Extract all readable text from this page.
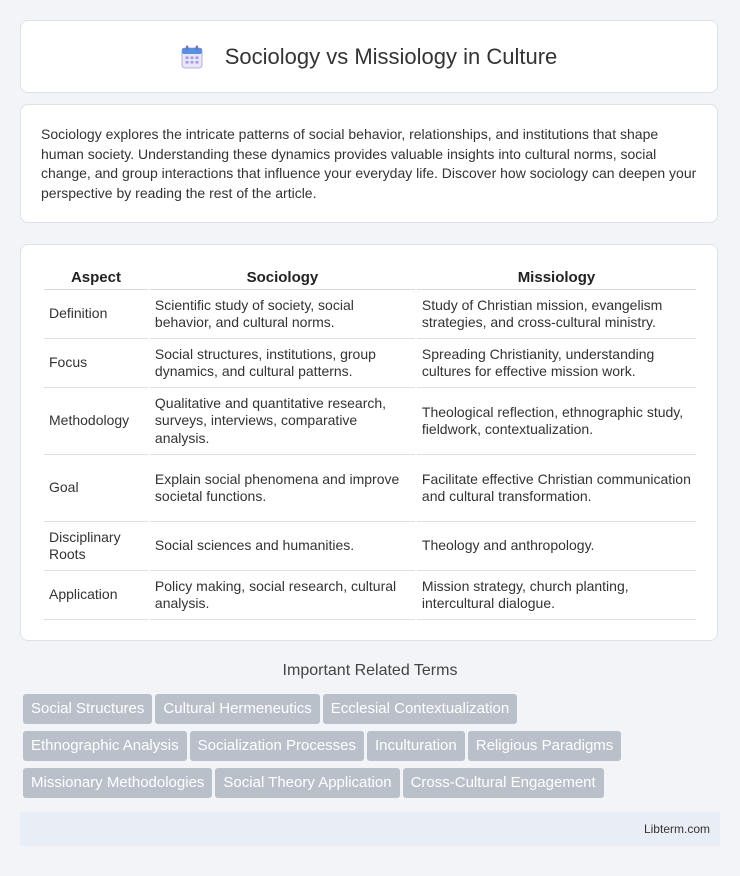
Sociology vs Missiology in Culture

Sociology explores the intricate patterns of social behavior, relationships, and institutions that shape human society. Understanding these dynamics provides valuable insights into cultural norms, social change, and group interactions that influence your everyday life. Discover how sociology can deepen your perspective by reading the rest of the article.

Aspect	Sociology	Missiology
Definition	Scientific study of society, social behavior, and cultural norms.	Study of Christian mission, evangelism strategies, and cross-cultural ministry.
Focus	Social structures, institutions, group dynamics, and cultural patterns.	Spreading Christianity, understanding cultures for effective mission work.
Methodology	Qualitative and quantitative research, surveys, interviews, comparative analysis.	Theological reflection, ethnographic study, fieldwork, contextualization.
Goal	Explain social phenomena and improve societal functions.	Facilitate effective Christian communication and cultural transformation.
Disciplinary Roots	Social sciences and humanities.	Theology and anthropology.
Application	Policy making, social research, cultural analysis.	Mission strategy, church planting, intercultural dialogue.
Important Related Terms
Social Structures Cultural Hermeneutics Ecclesial Contextualization
Ethnographic Analysis Socialization Processes Inculturation Religious Paradigms
Missionary Methodologies Social Theory Application Cross-Cultural Engagement
Libterm.com
